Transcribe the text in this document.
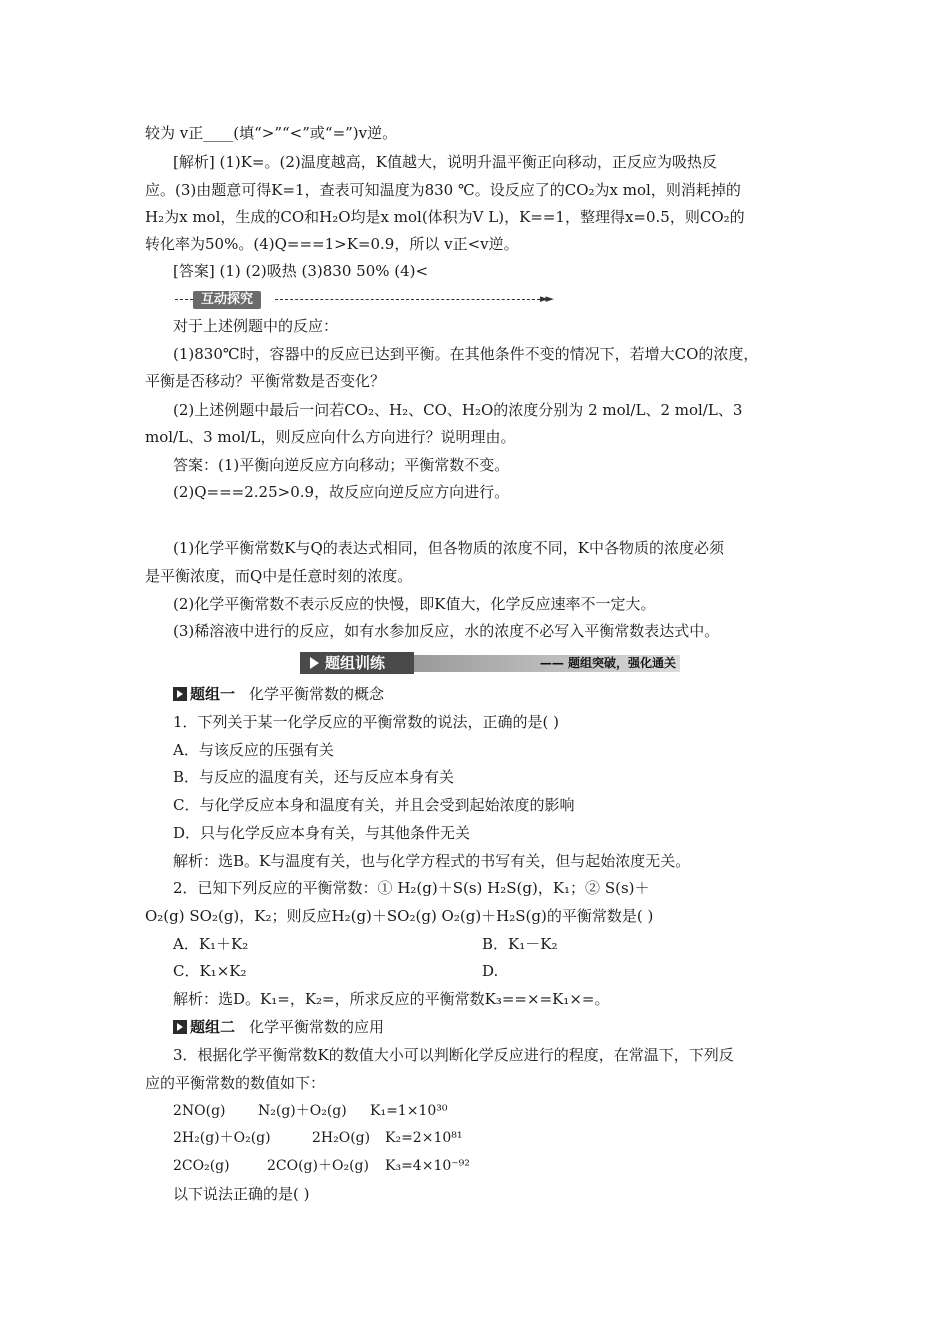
较为 v正____(填“>”“<”或“=”)v逆。
[解析] (1)K=。(2)温度越高，K值越大，说明升温平衡正向移动，正反应为吸热反
应。(3)由题意可得K=1，查表可知温度为830 ℃。设反应了的CO₂为x mol，则消耗掉的
H₂为x mol，生成的CO和H₂O均是x mol(体积为V L)，K==1，整理得x=0.5，则CO₂的
转化率为50%。(4)Q===1>K=0.9，所以 v正<v逆。
[答案] (1) (2)吸热 (3)830 50% (4)<
互动探究	►►
对于上述例题中的反应：
(1)830℃时，容器中的反应已达到平衡。在其他条件不变的情况下，若增大CO的浓度，
平衡是否移动？平衡常数是否变化？
(2)上述例题中最后一问若CO₂、H₂、CO、H₂O的浓度分别为 2 mol/L、2 mol/L、3
mol/L、3 mol/L，则反应向什么方向进行？说明理由。
答案：(1)平衡向逆反应方向移动；平衡常数不变。
(2)Q===2.25>0.9，故反应向逆反应方向进行。
(1)化学平衡常数K与Q的表达式相同，但各物质的浓度不同，K中各物质的浓度必须
是平衡浓度，而Q中是任意时刻的浓度。
(2)化学平衡常数不表示反应的快慢，即K值大，化学反应速率不一定大。
(3)稀溶液中进行的反应，如有水参加反应，水的浓度不必写入平衡常数表达式中。
题组训练	—— 题组突破，强化通关
题组一 化学平衡常数的概念
1．下列关于某一化学反应的平衡常数的说法，正确的是( )
A．与该反应的压强有关
B．与反应的温度有关，还与反应本身有关
C．与化学反应本身和温度有关，并且会受到起始浓度的影响
D．只与化学反应本身有关，与其他条件无关
解析：选B。K与温度有关，也与化学方程式的书写有关，但与起始浓度无关。
2．已知下列反应的平衡常数：① H₂(g)＋S(s) H₂S(g)，K₁；② S(s)＋
O₂(g) SO₂(g)，K₂；则反应H₂(g)＋SO₂(g) O₂(g)＋H₂S(g)的平衡常数是( )
A．K₁＋K₂	B．K₁－K₂
C．K₁×K₂	D.
解析：选D。K₁=，K₂=，所求反应的平衡常数K₃==×=K₁×=。
题组二 化学平衡常数的应用
3．根据化学平衡常数K的数值大小可以判断化学反应进行的程度，在常温下，下列反
应的平衡常数的数值如下：
2NO(g) N₂(g)＋O₂(g) K₁=1×10³⁰
2H₂(g)＋O₂(g)	2H₂O(g) K₂=2×10⁸¹
2CO₂(g)	2CO(g)＋O₂(g) K₃=4×10⁻⁹²
以下说法正确的是( )
